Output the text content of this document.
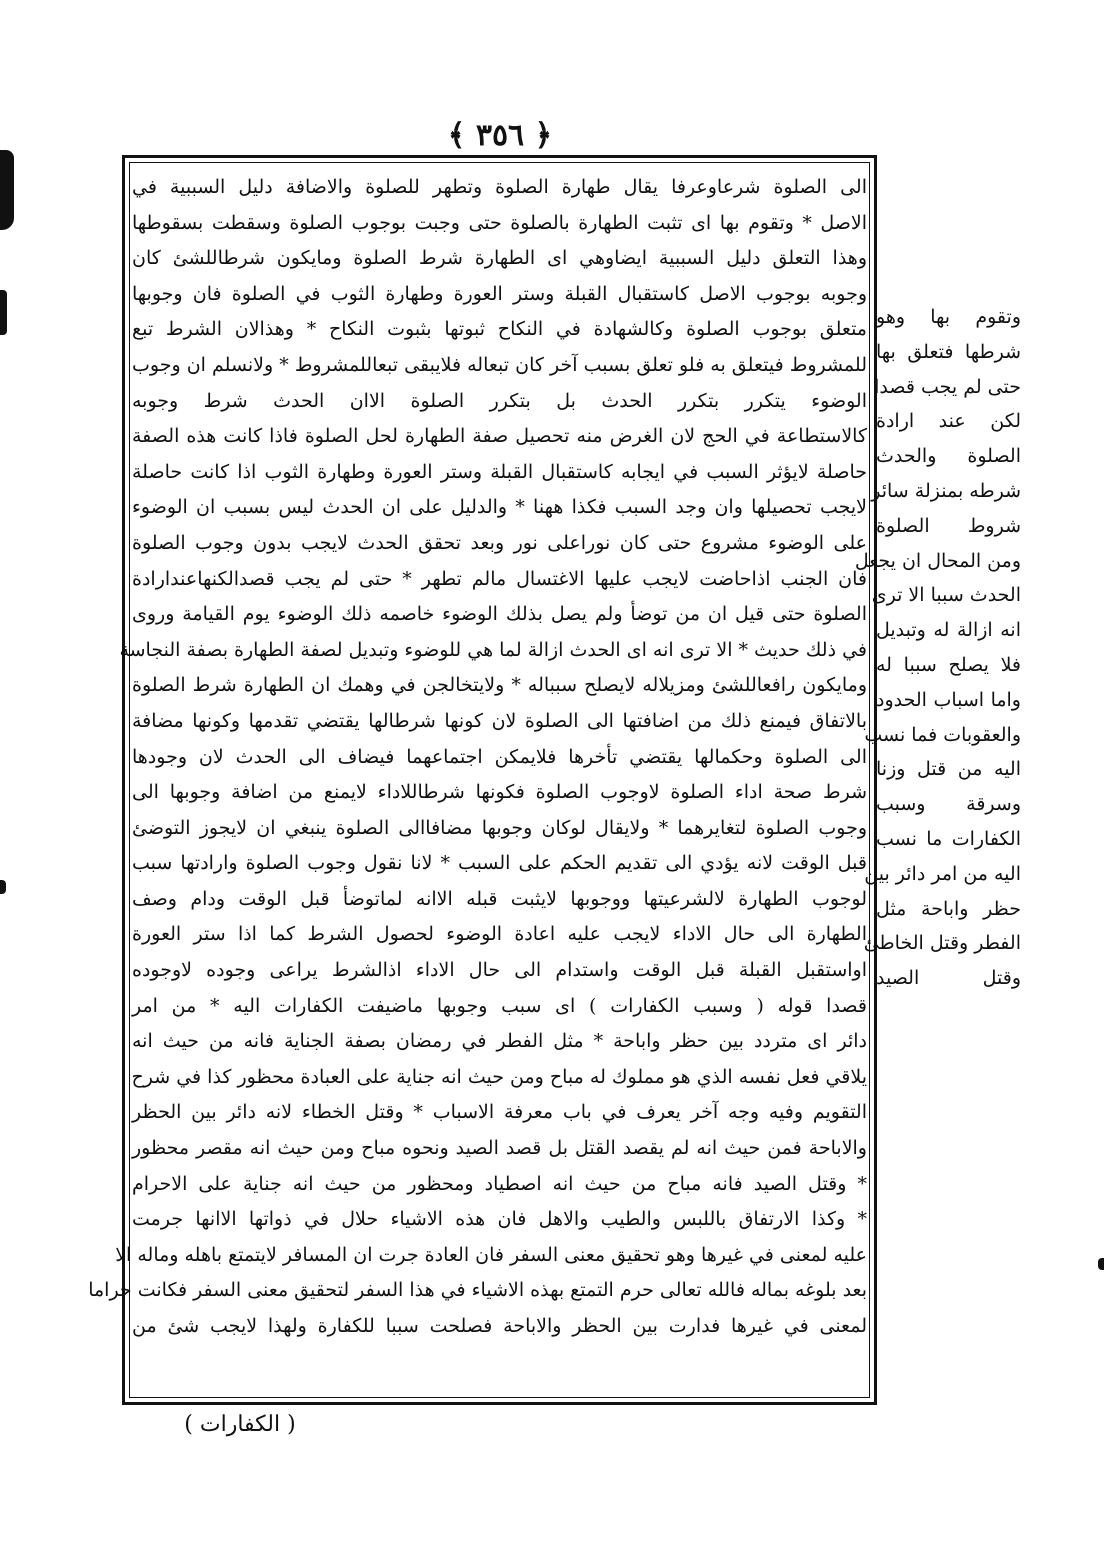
﴿ ٣٥٦ ﴾
الى الصلوة شرعاوعرفا يقال طهارة الصلوة وتطهر للصلوة والاضافة دليل السببية في
الاصل * وتقوم بها اى تثبت الطهارة بالصلوة حتى وجبت بوجوب الصلوة وسقطت بسقوطها
وهذا التعلق دليل السببية ايضاوهي اى الطهارة شرط الصلوة ومايكون شرطاللشئ كان
وجوبه بوجوب الاصل كاستقبال القبلة وستر العورة وطهارة الثوب في الصلوة فان وجوبها
متعلق بوجوب الصلوة وكالشهادة في النكاح ثبوتها بثبوت النكاح * وهذالان الشرط تبع
للمشروط فيتعلق به فلو تعلق بسبب آخر كان تبعاله فلايبقى تبعاللمشروط * ولانسلم ان وجوب
الوضوء يتكرر بتكرر الحدث بل بتكرر الصلوة الاان الحدث شرط وجوبه
كالاستطاعة في الحج لان الغرض منه تحصيل صفة الطهارة لحل الصلوة فاذا كانت هذه الصفة
حاصلة لايؤثر السبب في ايجابه كاستقبال القبلة وستر العورة وطهارة الثوب اذا كانت حاصلة
لايجب تحصيلها وان وجد السبب فكذا ههنا * والدليل على ان الحدث ليس بسبب ان الوضوء
على الوضوء مشروع حتى كان نوراعلى نور وبعد تحقق الحدث لايجب بدون وجوب الصلوة
فان الجنب اذاحاضت لايجب عليها الاغتسال مالم تطهر * حتى لم يجب قصدالكنهاعندارادة
الصلوة حتى قيل ان من توضأ ولم يصل بذلك الوضوء خاصمه ذلك الوضوء يوم القيامة وروى
في ذلك حديث * الا ترى انه اى الحدث ازالة لما هي للوضوء وتبديل لصفة الطهارة بصفة النجاسة
ومايكون رافعاللشئ ومزيلاله لايصلح سبباله * ولايتخالجن في وهمك ان الطهارة شرط الصلوة
بالاتفاق فيمنع ذلك من اضافتها الى الصلوة لان كونها شرطالها يقتضي تقدمها وكونها مضافة
الى الصلوة وحكمالها يقتضي تأخرها فلايمكن اجتماعهما فيضاف الى الحدث لان وجودها
شرط صحة اداء الصلوة لاوجوب الصلوة فكونها شرطاللاداء لايمنع من اضافة وجوبها الى
وجوب الصلوة لتغايرهما * ولايقال لوكان وجوبها مضافاالى الصلوة ينبغي ان لايجوز التوضئ
قبل الوقت لانه يؤدي الى تقديم الحكم على السبب * لانا نقول وجوب الصلوة وارادتها سبب
لوجوب الطهارة لالشرعيتها ووجوبها لايثبت قبله الاانه لماتوضأ قبل الوقت ودام وصف
الطهارة الى حال الاداء لايجب عليه اعادة الوضوء لحصول الشرط كما اذا ستر العورة
اواستقبل القبلة قبل الوقت واستدام الى حال الاداء اذالشرط يراعى وجوده لاوجوده
قصدا قوله ( وسبب الكفارات ) اى سبب وجوبها ماضيفت الكفارات اليه * من امر
دائر اى متردد بين حظر واباحة * مثل الفطر في رمضان بصفة الجناية فانه من حيث انه
يلاقي فعل نفسه الذي هو مملوك له مباح ومن حيث انه جناية على العبادة محظور كذا في شرح
التقويم وفيه وجه آخر يعرف في باب معرفة الاسباب * وقتل الخطاء لانه دائر بين الحظر
والاباحة فمن حيث انه لم يقصد القتل بل قصد الصيد ونحوه مباح ومن حيث انه مقصر محظور
* وقتل الصيد فانه مباح من حيث انه اصطياد ومحظور من حيث انه جناية على الاحرام
* وكذا الارتفاق باللبس والطيب والاهل فان هذه الاشياء حلال في ذواتها الاانها جرمت
عليه لمعنى في غيرها وهو تحقيق معنى السفر فان العادة جرت ان المسافر لايتمتع باهله وماله الا
بعد بلوغه بماله فالله تعالى حرم التمتع بهذه الاشياء في هذا السفر لتحقيق معنى السفر فكانت حراما
لمعنى في غيرها فدارت بين الحظر والاباحة فصلحت سببا للكفارة ولهذا لايجب شئ من
وتقوم بها وهو
شرطها فتعلق بها
حتى لم يجب قصدا
لكن عند ارادة
الصلوة والحدث
شرطه بمنزلة سائر
شروط الصلوة
ومن المحال ان يجعل
الحدث سببا الا ترى
انه ازالة له وتبديل
فلا يصلح سببا له
واما اسباب الحدود
والعقوبات فما نسب
اليه من قتل وزنا
وسرقة وسبب
الكفارات ما نسب
اليه من امر دائر بين
حظر واباحة مثل
الفطر وقتل الخاطئ
وقتل الصيد
( الكفارات )
